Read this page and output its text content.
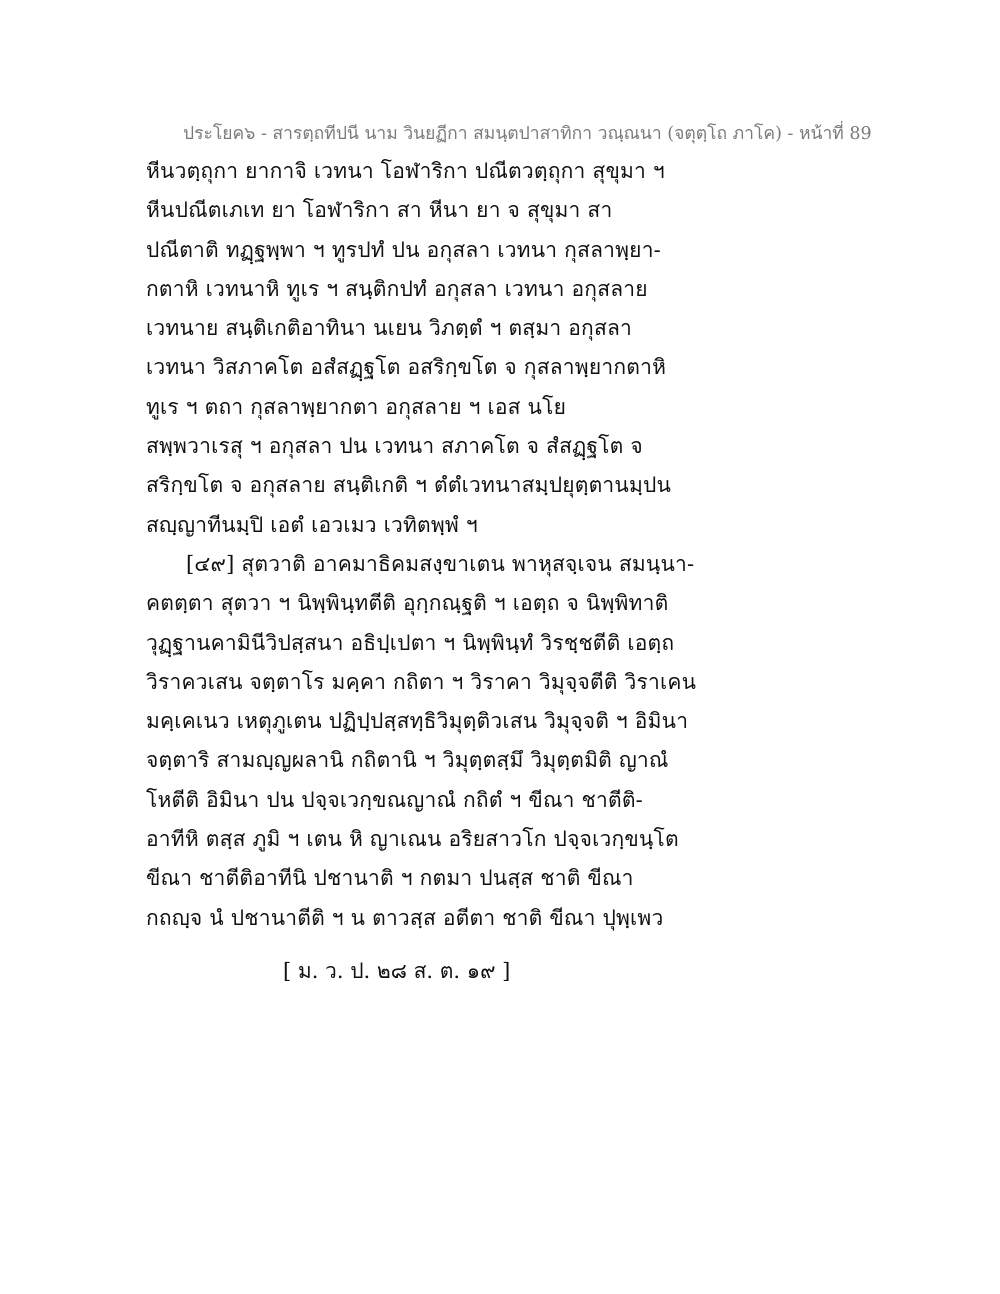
ประโยค๖ - สารตฺถทีปนี นาม วินยฏีกา สมนฺตปาสาทิกา วณฺณนา (จตุตฺโถ ภาโค) - หน้าที่ 89
หีนวตฺถุกา ยากาจิ เวทนา โอฬาริกา ปณีตวตฺถุกา สุขุมา ฯ
หีนปณีตเภเท ยา โอฬาริกา สา หีนา ยา จ สุขุมา สา
ปณีตาติ ทฏฺฐพฺพา ฯ ทูรปทํ ปน อกุสลา เวทนา กุสลาพฺยา-
กตาหิ เวทนาหิ ทูเร ฯ สนฺติกปทํ อกุสลา เวทนา อกุสลาย
เวทนาย สนฺติเกติอาทินา นเยน วิภตฺตํ ฯ ตสฺมา อกุสลา
เวทนา วิสภาคโต อสํสฏฺฐโต อสริกฺขโต จ กุสลาพฺยากตาหิ
ทูเร ฯ ตถา กุสลาพฺยากตา อกุสลาย ฯ เอส นโย
สพฺพวาเรสุ ฯ อกุสลา ปน เวทนา สภาคโต จ สํสฏฺฐโต จ
สริกฺขโต จ อกุสลาย สนฺติเกติ ฯ ตํตํเวทนาสมฺปยุตฺตานมฺปน
สญฺญาทีนมฺปิ เอตํ เอวเมว เวทิตพฺพํ ฯ
[๔๙] สุตวาติ อาคมาธิคมสงฺขาเตน พาหุสจฺเจน สมนฺนา-
คตตฺตา สุตวา ฯ นิพฺพินฺทตีติ อุกฺกณฺฐติ ฯ เอตฺถ จ นิพฺพิทาติ
วุฏฺฐานคามินีวิปสฺสนา อธิปฺเปตา ฯ นิพฺพินฺทํ วิรชฺชตีติ เอตฺถ
วิราควเสน จตฺตาโร มคฺคา กถิตา ฯ วิราคา วิมุจฺจตีติ วิราเคน
มคฺเคเนว เหตุภูเตน ปฏิปฺปสฺสทฺธิวิมุตฺติวเสน วิมุจฺจติ ฯ อิมินา
จตฺตาริ สามญฺญผลานิ กถิตานิ ฯ วิมุตฺตสฺมึ วิมุตฺตมิติ ญาณํ
โหตีติ อิมินา ปน ปจฺจเวกฺขณญาณํ กถิตํ ฯ ขีณา ชาตีติ-
อาทีหิ ตสฺส ภูมิ ฯ เตน หิ ญาเณน อริยสาวโก ปจฺจเวกฺขนฺโต
ขีณา ชาตีติอาทีนิ ปชานาติ ฯ กตมา ปนสฺส ชาติ ขีณา
กถญฺจ นํ ปชานาตีติ ฯ น ตาวสฺส อตีตา ชาติ ขีณา ปุพฺเพว
[ ม. ว. ป. ๒๘ ส. ต. ๑๙ ]
